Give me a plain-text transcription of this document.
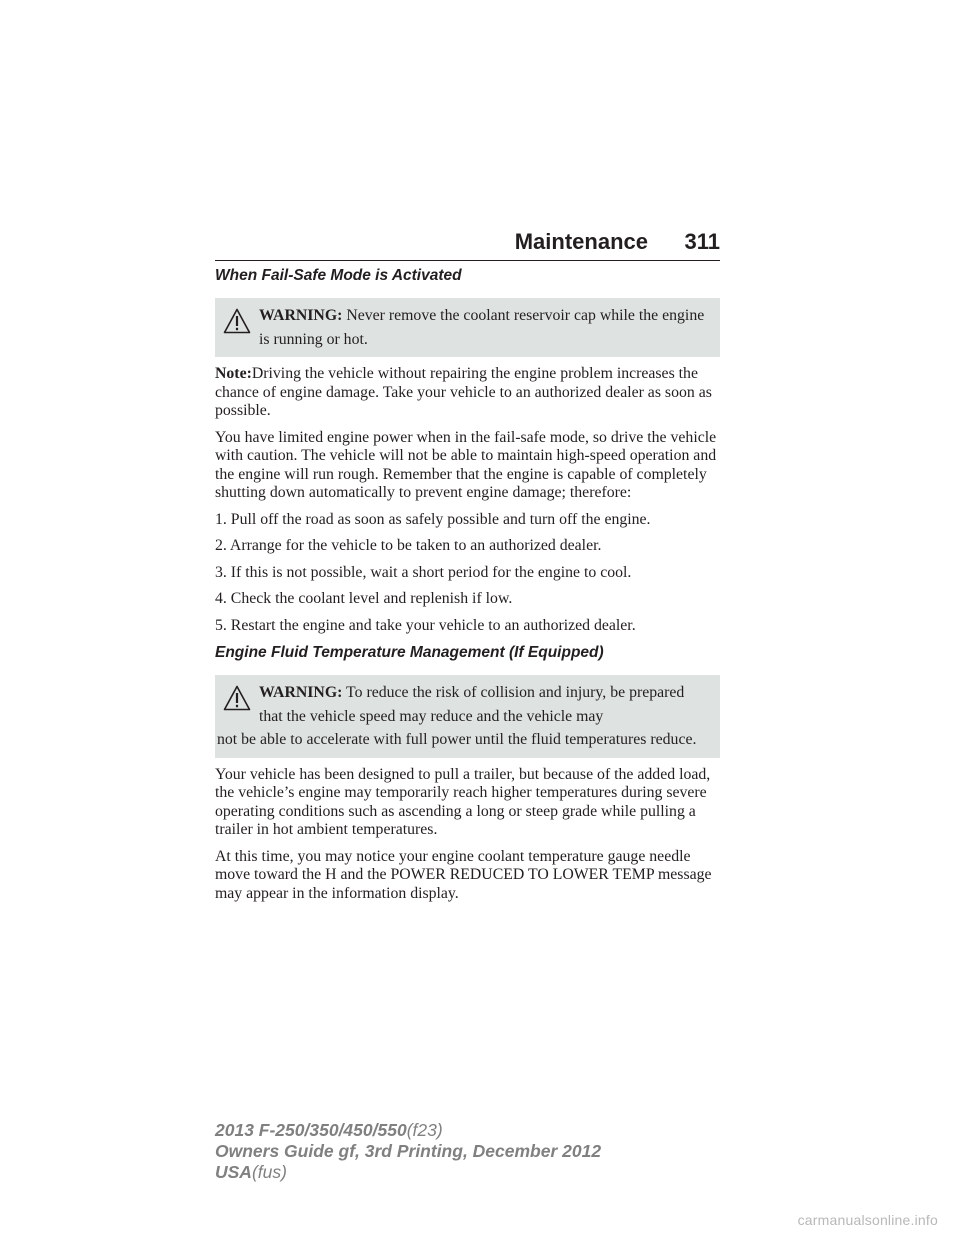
Maintenance 311
When Fail-Safe Mode is Activated
WARNING: Never remove the coolant reservoir cap while the engine is running or hot.

Note:Driving the vehicle without repairing the engine problem increases the chance of engine damage. Take your vehicle to an authorized dealer as soon as possible.

You have limited engine power when in the fail-safe mode, so drive the vehicle with caution. The vehicle will not be able to maintain high-speed operation and the engine will run rough. Remember that the engine is capable of completely shutting down automatically to prevent engine damage; therefore:

1. Pull off the road as soon as safely possible and turn off the engine.

2. Arrange for the vehicle to be taken to an authorized dealer.

3. If this is not possible, wait a short period for the engine to cool.

4. Check the coolant level and replenish if low.

5. Restart the engine and take your vehicle to an authorized dealer.

Engine Fluid Temperature Management (If Equipped)
WARNING: To reduce the risk of collision and injury, be prepared that the vehicle speed may reduce and the vehicle may
not be able to accelerate with full power until the fluid temperatures reduce.

Your vehicle has been designed to pull a trailer, but because of the added load, the vehicle’s engine may temporarily reach higher temperatures during severe operating conditions such as ascending a long or steep grade while pulling a trailer in hot ambient temperatures.

At this time, you may notice your engine coolant temperature gauge needle move toward the H and the POWER REDUCED TO LOWER TEMP message may appear in the information display.

2013 F-250/350/450/550(f23)
Owners Guide gf, 3rd Printing, December 2012
USA(fus)
carmanualsonline.info
